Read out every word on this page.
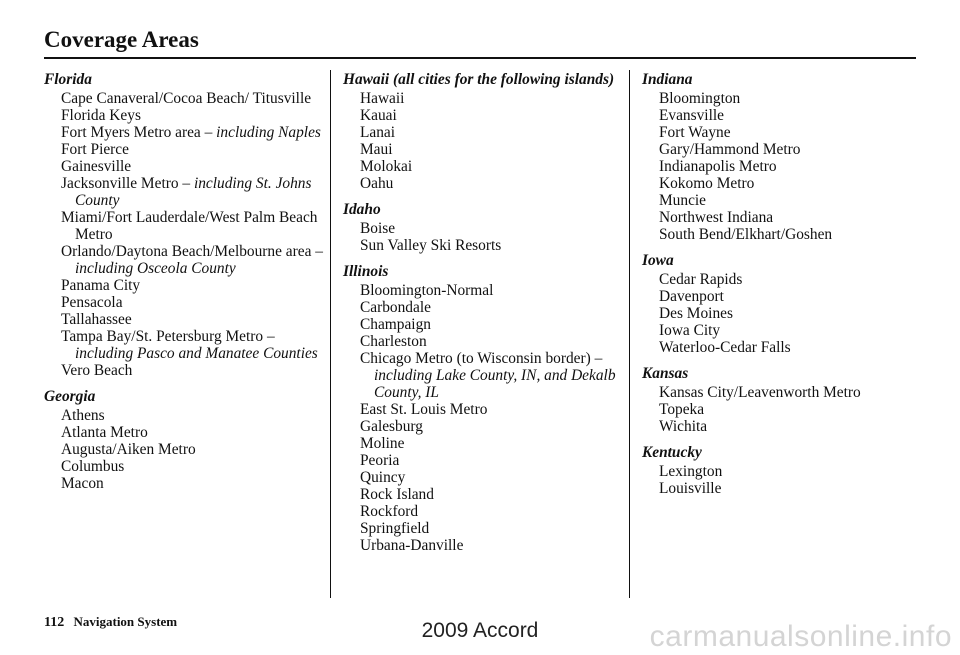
Coverage Areas
Florida
Cape Canaveral/Cocoa Beach/ Titusville
Florida Keys
Fort Myers Metro area – including Naples
Fort Pierce
Gainesville
Jacksonville Metro – including St. Johns County
Miami/Fort Lauderdale/West Palm Beach Metro
Orlando/Daytona Beach/Melbourne area – including Osceola County
Panama City
Pensacola
Tallahassee
Tampa Bay/St. Petersburg Metro – including Pasco and Manatee Counties
Vero Beach
Georgia
Athens
Atlanta Metro
Augusta/Aiken Metro
Columbus
Macon
Hawaii (all cities for the following islands)
Hawaii
Kauai
Lanai
Maui
Molokai
Oahu
Idaho
Boise
Sun Valley Ski Resorts
Illinois
Bloomington-Normal
Carbondale
Champaign
Charleston
Chicago Metro (to Wisconsin border) – including Lake County, IN, and Dekalb County, IL
East St. Louis Metro
Galesburg
Moline
Peoria
Quincy
Rock Island
Rockford
Springfield
Urbana-Danville
Indiana
Bloomington
Evansville
Fort Wayne
Gary/Hammond Metro
Indianapolis Metro
Kokomo Metro
Muncie
Northwest Indiana
South Bend/Elkhart/Goshen
Iowa
Cedar Rapids
Davenport
Des Moines
Iowa City
Waterloo-Cedar Falls
Kansas
Kansas City/Leavenworth Metro
Topeka
Wichita
Kentucky
Lexington
Louisville
112 Navigation System	2009 Accord	carmanualsonline.info
